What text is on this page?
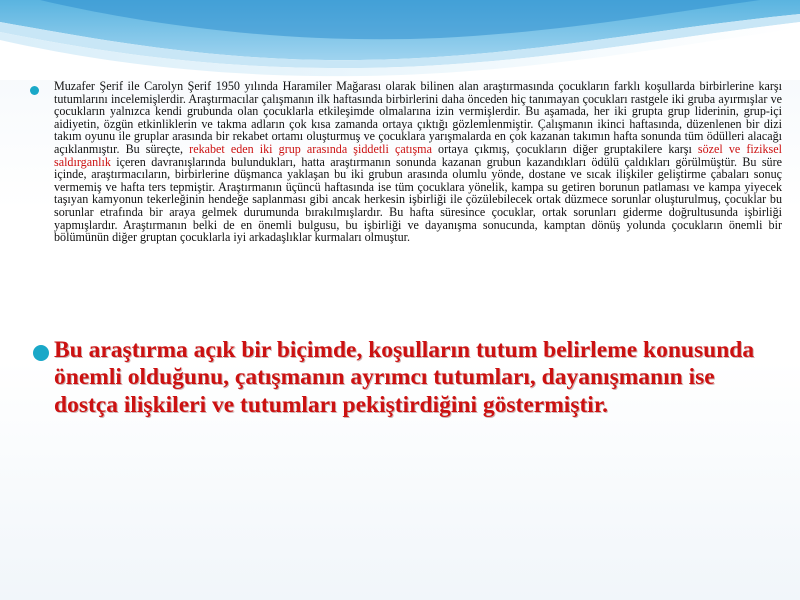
Muzafer Şerif ile Carolyn Şerif 1950 yılında Haramiler Mağarası olarak bilinen alan araştırmasında çocukların farklı koşullarda birbirlerine karşı tutumlarını incelemişlerdir. Araştırmacılar çalışmanın ilk haftasında birbirlerini daha önceden hiç tanımayan çocukları rastgele iki gruba ayırmışlar ve çocukların yalnızca kendi grubunda olan çocuklarla etkileşimde olmalarına izin vermişlerdir. Bu aşamada, her iki grupta grup liderinin, grup-içi aidiyetin, özgün etkinliklerin ve takma adların çok kısa zamanda ortaya çıktığı gözlemlenmiştir. Çalışmanın ikinci haftasında, düzenlenen bir dizi takım oyunu ile gruplar arasında bir rekabet ortamı oluşturmuş ve çocuklara yarışmalarda en çok kazanan takımın hafta sonunda tüm ödülleri alacağı açıklanmıştır. Bu süreçte, rekabet eden iki grup arasında şiddetli çatışma ortaya çıkmış, çocukların diğer gruptakilere karşı sözel ve fiziksel saldırganlık içeren davranışlarında bulundukları, hatta araştırmanın sonunda kazanan grubun kazandıkları ödülü çaldıkları görülmüştür. Bu süre içinde, araştırmacıların, birbirlerine düşmanca yaklaşan bu iki grubun arasında olumlu yönde, dostane ve sıcak ilişkiler geliştirme çabaları sonuç vermemiş ve hafta ters tepmiştir. Araştırmanın üçüncü haftasında ise tüm çocuklara yönelik, kampa su getiren borunun patlaması ve kampa yiyecek taşıyan kamyonun tekerleğinin hendeğe saplanması gibi ancak herkesin işbirliği ile çözülebilecek ortak düzmece sorunlar oluşturulmuş, çocuklar bu sorunlar etrafında bir araya gelmek durumunda bırakılmışlardır. Bu hafta süresince çocuklar, ortak sorunları giderme doğrultusunda işbirliği yapmışlardır. Araştırmanın belki de en önemli bulgusu, bu işbirliği ve dayanışma sonucunda, kamptan dönüş yolunda çocukların önemli bir bölümünün diğer gruptan çocuklarla iyi arkadaşlıklar kurmaları olmuştur.

Bu araştırma açık bir biçimde, koşulların tutum belirleme konusunda önemli olduğunu, çatışmanın ayrımcı tutumları, dayanışmanın ise dostça ilişkileri ve tutumları pekiştirdiğini göstermiştir.
